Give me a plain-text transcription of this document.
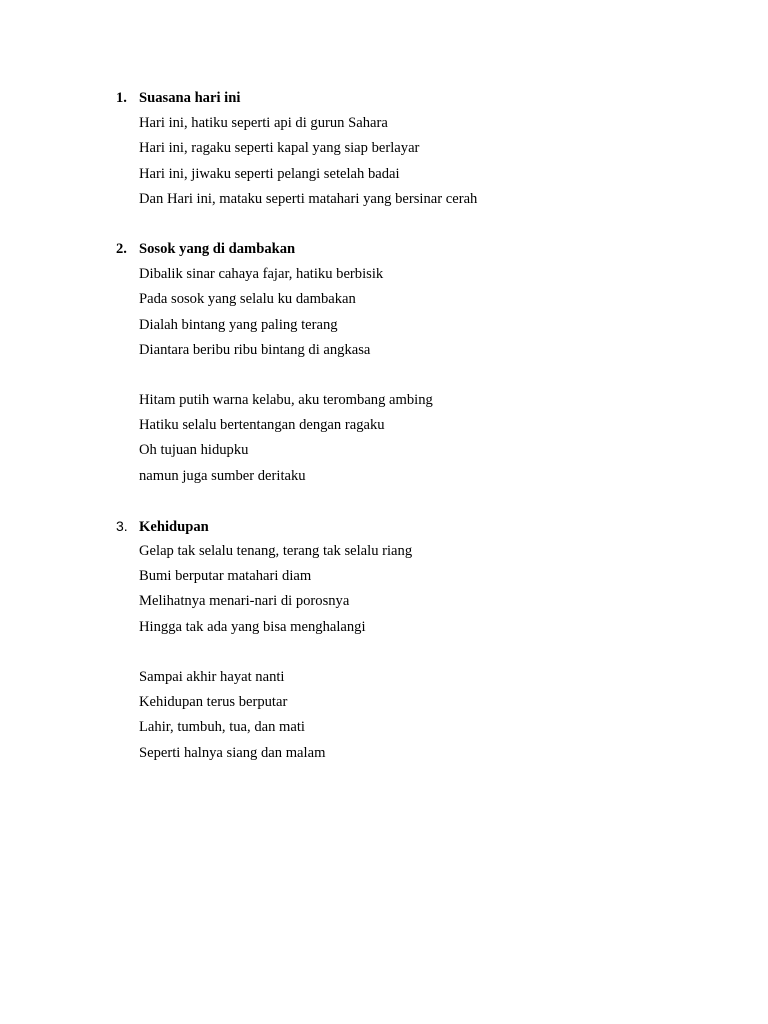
1. Suasana hari ini
Hari ini, hatiku seperti api di gurun Sahara
Hari ini, ragaku seperti kapal yang siap berlayar
Hari ini, jiwaku seperti pelangi setelah badai
Dan Hari ini, mataku seperti matahari yang bersinar cerah
2. Sosok yang di dambakan
Dibalik sinar cahaya fajar, hatiku berbisik
Pada sosok yang selalu ku dambakan
Dialah bintang yang paling terang
Diantara beribu ribu bintang di angkasa
Hitam putih warna kelabu, aku terombang ambing
Hatiku selalu bertentangan dengan ragaku
Oh tujuan hidupku
namun juga sumber deritaku
3. Kehidupan
Gelap tak selalu tenang, terang tak selalu riang
Bumi berputar matahari diam
Melihatnya menari-nari di porosnya
Hingga tak ada yang bisa menghalangi
Sampai akhir hayat nanti
Kehidupan terus berputar
Lahir, tumbuh, tua, dan mati
Seperti halnya siang dan malam
